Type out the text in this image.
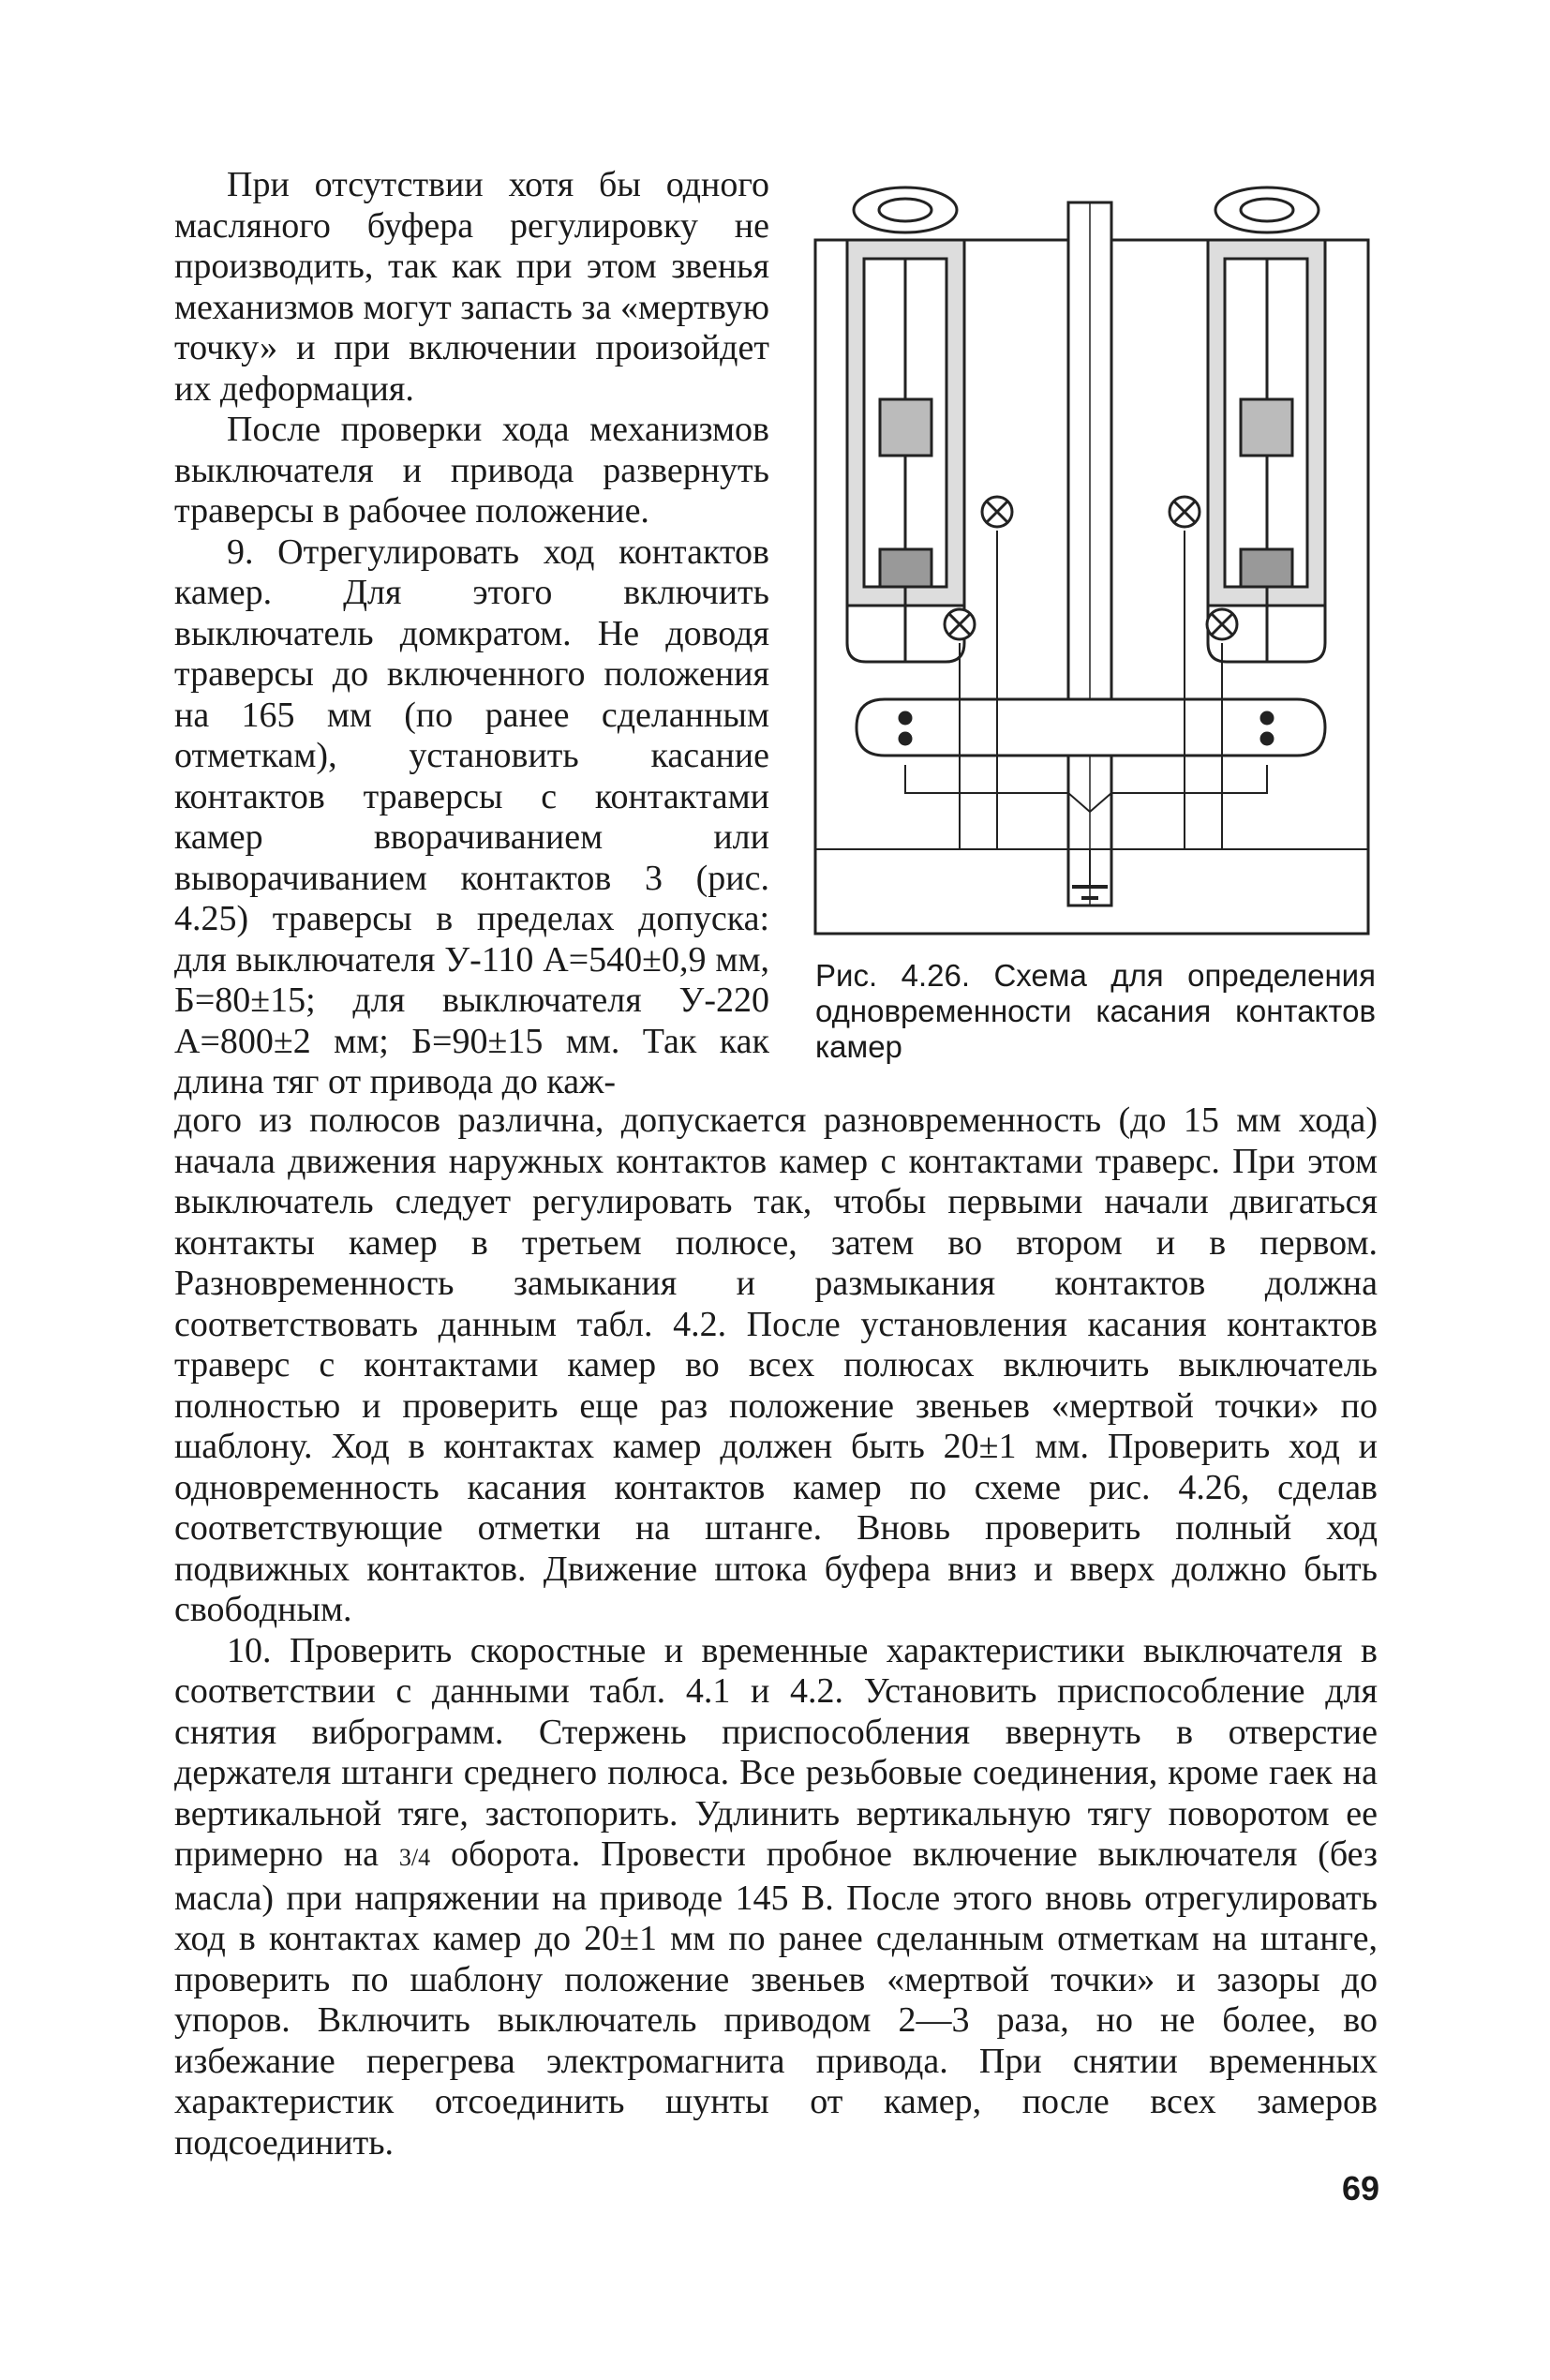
При отсутствии хотя бы одного масляного буфера регулировку не производить, так как при этом звенья механизмов могут запасть за «мертвую точку» и при включении произойдет их деформация.

После проверки хода механизмов выключателя и привода развернуть траверсы в рабочее положение.

9. Отрегулировать ход контактов камер. Для этого включить выключатель домкратом. Не доводя траверсы до включенного положения на 165 мм (по ранее сделанным отметкам), установить касание контактов траверсы с контактами камер вворачиванием или выворачиванием контактов 3 (рис. 4.25) траверсы в пределах допуска: для выключателя У-110 А=540±0,9 мм, Б=80±15; для выключателя У-220 А=800±2 мм; Б=90±15 мм. Так как длина тяг от привода до каж-

Рис. 4.26. Схема для определения одновременности касания контактов камер

дого из полюсов различна, допускается разновременность (до 15 мм хода) начала движения наружных контактов камер с контактами траверс. При этом выключатель следует регулировать так, чтобы первыми начали двигаться контакты камер в третьем полюсе, затем во втором и в первом. Разновременность замыкания и размыкания контактов должна соответствовать данным табл. 4.2. После установления касания контактов траверс с контактами камер во всех полюсах включить выключатель полностью и проверить еще раз положение звеньев «мертвой точки» по шаблону. Ход в контактах камер должен быть 20±1 мм. Проверить ход и одновременность касания контактов камер по схеме рис. 4.26, сделав соответствующие отметки на штанге. Вновь проверить полный ход подвижных контактов. Движение штока буфера вниз и вверх должно быть свободным.

10. Проверить скоростные и временные характеристики выключателя в соответствии с данными табл. 4.1 и 4.2. Установить приспособление для снятия виброграмм. Стержень приспособления ввернуть в отверстие держателя штанги среднего полюса. Все резьбовые соединения, кроме гаек на вертикальной тяге, застопорить. Удлинить вертикальную тягу поворотом ее примерно на 3/4 оборота. Провести пробное включение выключателя (без масла) при напряжении на приводе 145 В. После этого вновь отрегулировать ход в контактах камер до 20±1 мм по ранее сделанным отметкам на штанге, проверить по шаблону положение звеньев «мертвой точки» и зазоры до упоров. Включить выключатель приводом 2—3 раза, но не более, во избежание перегрева электромагнита привода. При снятии временных характеристик отсоединить шунты от камер, после всех замеров подсоединить.

69
